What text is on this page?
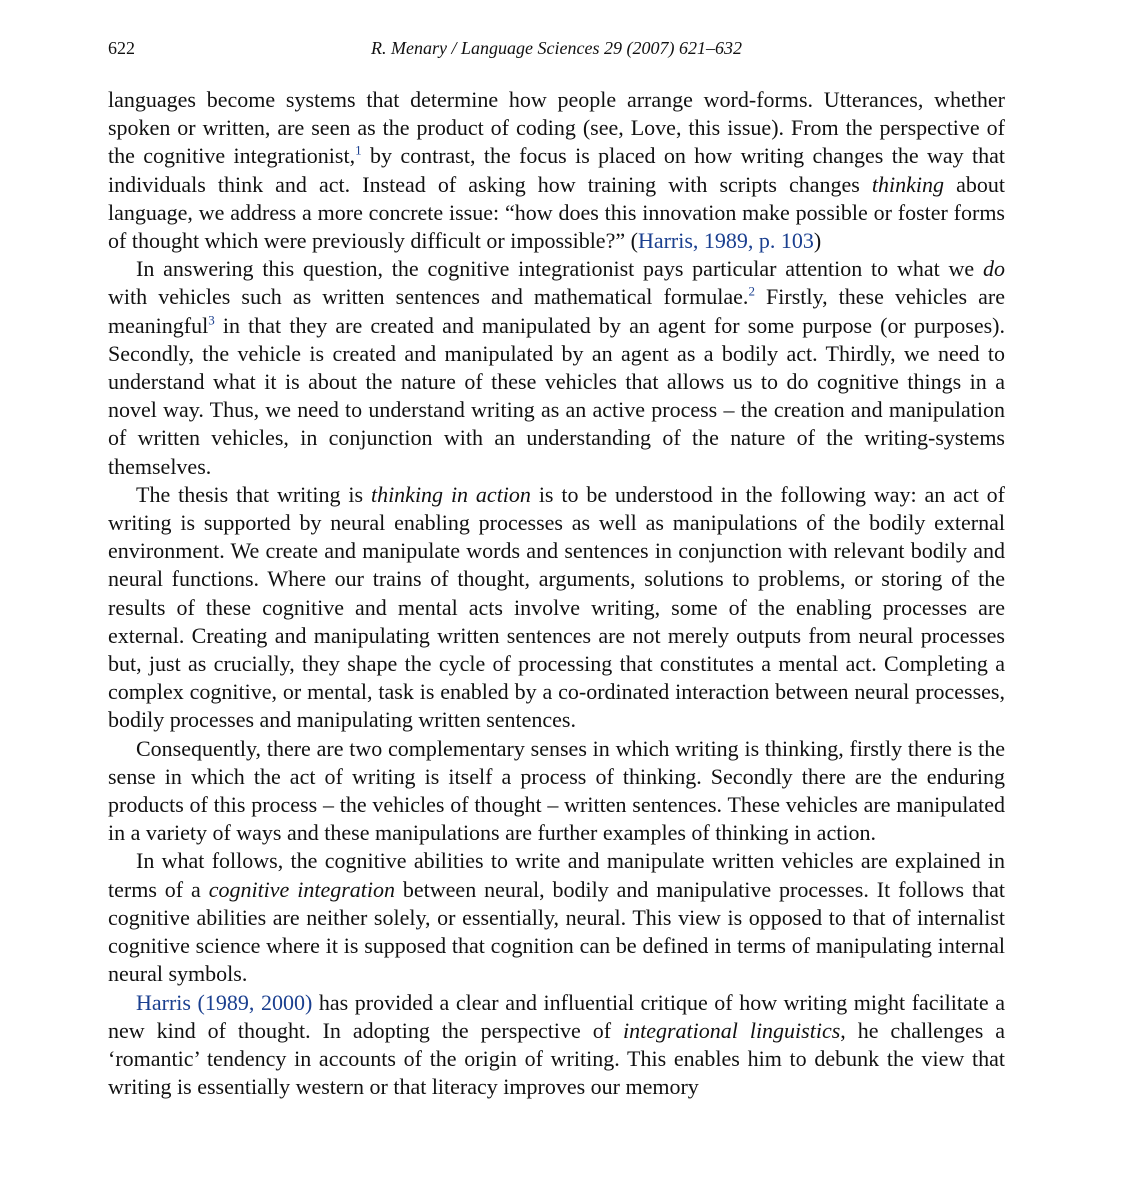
622	R. Menary / Language Sciences 29 (2007) 621–632

languages become systems that determine how people arrange word-forms. Utterances, whether spoken or written, are seen as the product of coding (see, Love, this issue). From the perspective of the cognitive integrationist,$^1$ by contrast, the focus is placed on how writing changes the way that individuals think and act. Instead of asking how training with scripts changes thinking about language, we address a more concrete issue: “how does this innovation make possible or foster forms of thought which were previously difficult or impossible?” (Harris, 1989, p. 103)

In answering this question, the cognitive integrationist pays particular attention to what we do with vehicles such as written sentences and mathematical formulae.$^2$ Firstly, these vehicles are meaningful$^3$ in that they are created and manipulated by an agent for some purpose (or purposes). Secondly, the vehicle is created and manipulated by an agent as a bodily act. Thirdly, we need to understand what it is about the nature of these vehicles that allows us to do cognitive things in a novel way. Thus, we need to understand writing as an active process – the creation and manipulation of written vehicles, in conjunction with an understanding of the nature of the writing-systems themselves.

The thesis that writing is thinking in action is to be understood in the following way: an act of writing is supported by neural enabling processes as well as manipulations of the bodily external environment. We create and manipulate words and sentences in conjunction with relevant bodily and neural functions. Where our trains of thought, arguments, solutions to problems, or storing of the results of these cognitive and mental acts involve writing, some of the enabling processes are external. Creating and manipulating written sentences are not merely outputs from neural processes but, just as crucially, they shape the cycle of processing that constitutes a mental act. Completing a complex cognitive, or mental, task is enabled by a co-ordinated interaction between neural processes, bodily processes and manipulating written sentences.

Consequently, there are two complementary senses in which writing is thinking, firstly there is the sense in which the act of writing is itself a process of thinking. Secondly there are the enduring products of this process – the vehicles of thought – written sentences. These vehicles are manipulated in a variety of ways and these manipulations are further examples of thinking in action.

In what follows, the cognitive abilities to write and manipulate written vehicles are explained in terms of a cognitive integration between neural, bodily and manipulative processes. It follows that cognitive abilities are neither solely, or essentially, neural. This view is opposed to that of internalist cognitive science where it is supposed that cognition can be defined in terms of manipulating internal neural symbols.

Harris (1989, 2000) has provided a clear and influential critique of how writing might facilitate a new kind of thought. In adopting the perspective of integrational linguistics, he challenges a ‘romantic’ tendency in accounts of the origin of writing. This enables him to debunk the view that writing is essentially western or that literacy improves our memory
